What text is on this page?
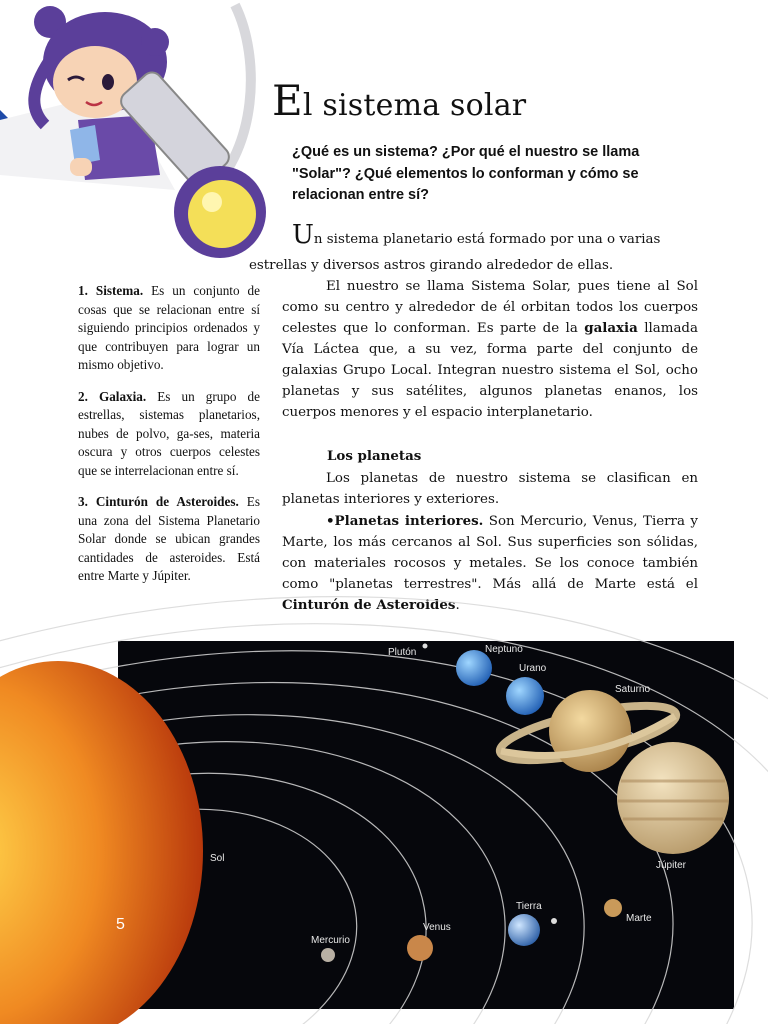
El sistema solar

¿Qué es un sistema? ¿Por qué el nuestro se llama "Solar"? ¿Qué elementos lo conforman y cómo se relacionan entre sí?

Un sistema planetario está formado por una o varias
estrellas y diversos astros girando alrededor de ellas.

El nuestro se llama Sistema Solar, pues tiene al Sol como su centro y alrededor de él orbitan todos los cuerpos celestes que lo conforman. Es parte de la galaxia llamada Vía Láctea que, a su vez, forma parte del conjunto de galaxias Grupo Local. Integran nuestro sistema el Sol, ocho planetas y sus satélites, algunos planetas enanos, los cuerpos menores y el espacio interplanetario.

Los planetas

Los planetas de nuestro sistema se clasifican en planetas interiores y exteriores.

•Planetas interiores. Son Mercurio, Venus, Tierra y Marte, los más cercanos al Sol. Sus superficies son sólidas, con materiales rocosos y metales. Se los conoce también como "planetas terrestres". Más allá de Marte está el Cinturón de Asteroides.

1. Sistema. Es un conjunto de cosas que se relacionan entre sí siguiendo principios ordenados y que contribuyen para lograr un mismo objetivo.

2. Galaxia. Es un grupo de estrellas, sistemas planetarios, nubes de polvo, ga-ses, materia oscura y otros cuerpos celestes que se interrelacionan entre sí.

3. Cinturón de Asteroides. Es una zona del Sistema Planetario Solar donde se ubican grandes cantidades de asteroides. Está entre Marte y Júpiter.

Sol
5
Mercurio
Venus
Tierra
Marte
Júpiter
Saturno
Urano
Neptuno
Plutón
